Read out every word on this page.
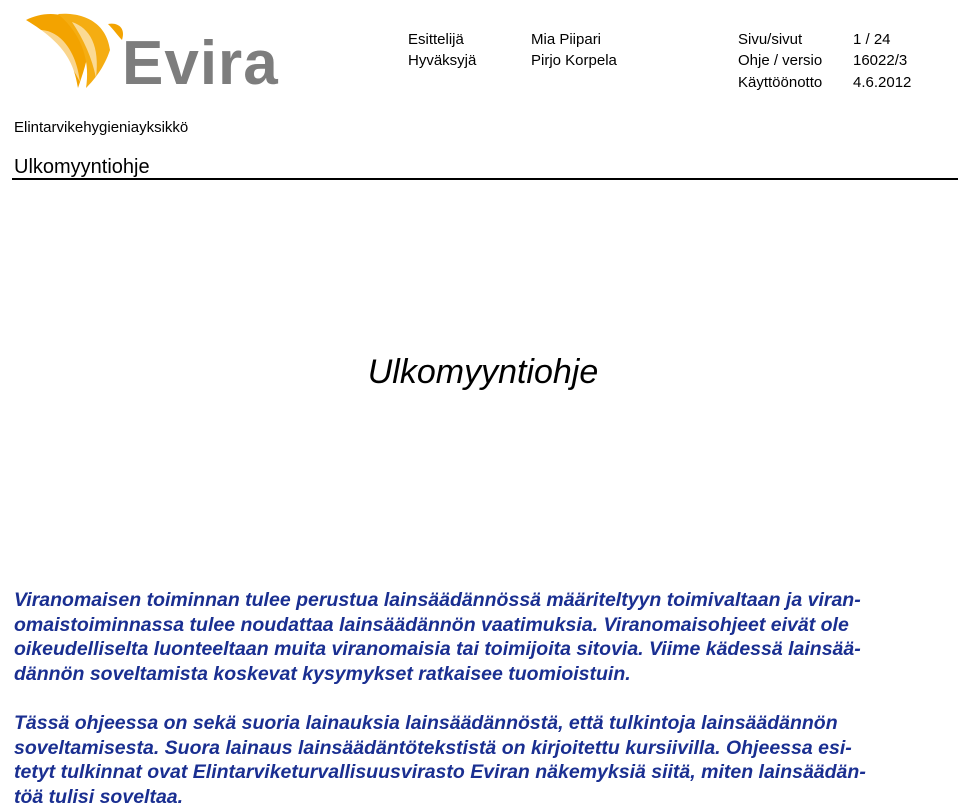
Evira	Esittelijä	Mia Piipari
Hyväksyjä	Pirjo Korpela
Sivu/sivut	1 / 24
Ohje / versio 16022/3
Käyttöönotto 4.6.2012
Elintarvikehygieniayksikkö
Ulkomyyntiohje
Ulkomyyntiohje
Viranomaisen toiminnan tulee perustua lainsäädännössä määriteltyyn toimivaltaan ja viran-
omaistoiminnassa tulee noudattaa lainsäädännön vaatimuksia. Viranomaisohjeet eivät ole
oikeudelliselta luonteeltaan muita viranomaisia tai toimijoita sitovia. Viime kädessä lainsää-
dännön soveltamista koskevat kysymykset ratkaisee tuomioistuin.
Tässä ohjeessa on sekä suoria lainauksia lainsäädännöstä, että tulkintoja lainsäädännön
soveltamisesta. Suora lainaus lainsäädäntötekstistä on kirjoitettu kursiivilla. Ohjeessa esi-
tetyt tulkinnat ovat Elintarviketurvallisuusvirasto Eviran näkemyksiä siitä, miten lainsäädän-
töä tulisi soveltaa.
